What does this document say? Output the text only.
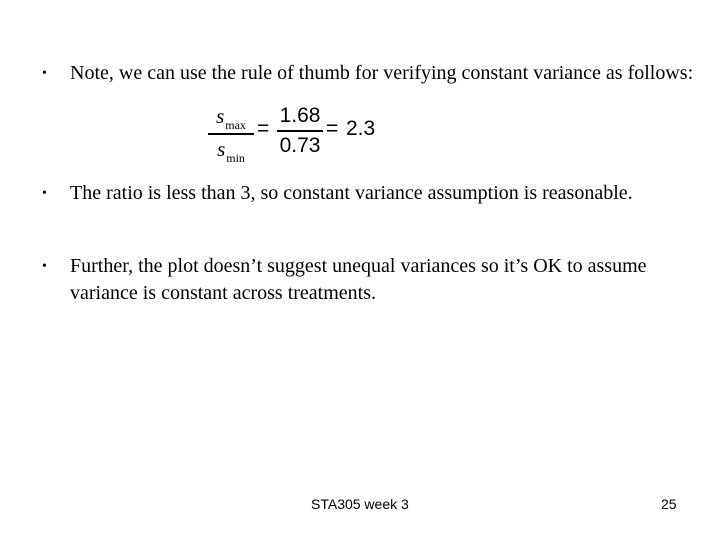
• Note, we can use the rule of thumb for verifying constant variance as follows:
$s_{max}$
$s_{min}$
=
1.68
0.73
= 2.3
• The ratio is less than 3, so constant variance assumption is reasonable.
• Further, the plot doesn’t suggest unequal variances so it’s OK to assume variance is constant across treatments.
STA305 week 3	25
